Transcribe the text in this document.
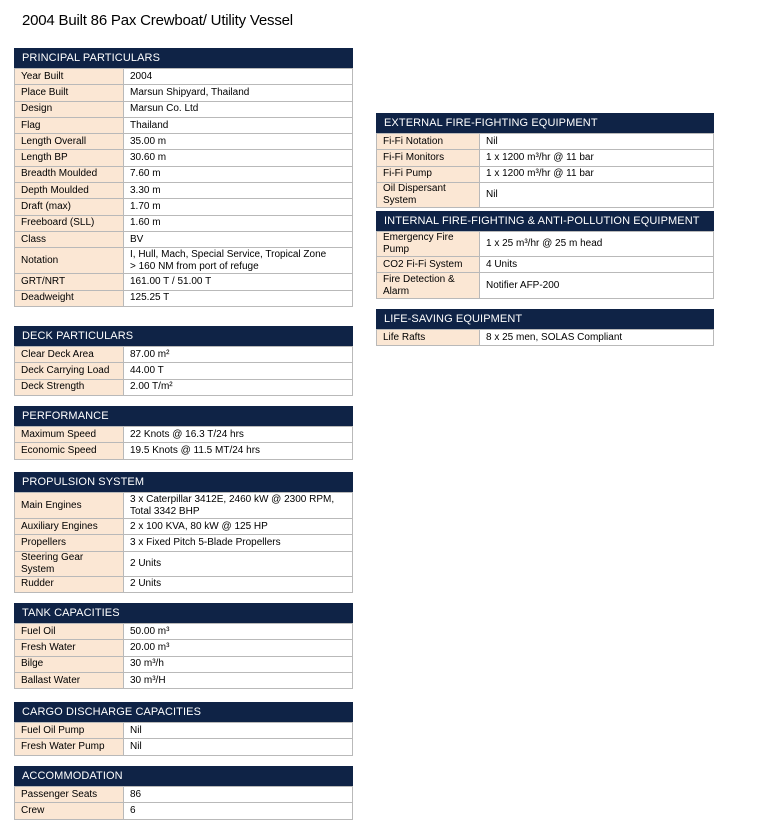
2004 Built 86 Pax Crewboat/ Utility Vessel
PRINCIPAL PARTICULARS
Year Built	2004
Place Built	Marsun Shipyard, Thailand
Design	Marsun Co. Ltd
Flag	Thailand
Length Overall	35.00 m
Length BP	30.60 m
Breadth Moulded	7.60 m
Depth Moulded	3.30 m
Draft (max)	1.70 m
Freeboard (SLL)	1.60 m
Class	BV
Notation	I, Hull, Mach, Special Service, Tropical Zone
> 160 NM from port of refuge
GRT/NRT	161.00 T / 51.00 T
Deadweight	125.25 T
DECK PARTICULARS
Clear Deck Area	87.00 m²
Deck Carrying Load	44.00 T
Deck Strength	2.00 T/m²
PERFORMANCE
Maximum Speed	22 Knots @ 16.3 T/24 hrs
Economic Speed	19.5 Knots @ 11.5 MT/24 hrs
PROPULSION SYSTEM
Main Engines	3 x Caterpillar 3412E, 2460 kW @ 2300 RPM,
Total 3342 BHP
Auxiliary Engines	2 x 100 KVA, 80 kW @ 125 HP
Propellers	3 x Fixed Pitch 5-Blade Propellers
Steering Gear System	2 Units
Rudder	2 Units
TANK CAPACITIES
Fuel Oil	50.00 m³
Fresh Water	20.00 m³
Bilge	30 m³/h
Ballast Water	30 m³/H
CARGO DISCHARGE CAPACITIES
Fuel Oil Pump	Nil
Fresh Water Pump	Nil
ACCOMMODATION
Passenger Seats	86
Crew	6
EXTERNAL FIRE-FIGHTING EQUIPMENT
Fi-Fi Notation	Nil
Fi-Fi Monitors	1 x 1200 m³/hr @ 11 bar
Fi-Fi Pump	1 x 1200 m³/hr @ 11 bar
Oil Dispersant System	Nil
INTERNAL FIRE-FIGHTING & ANTI-POLLUTION EQUIPMENT
Emergency Fire Pump	1 x 25 m³/hr @ 25 m head
CO2 Fi-Fi System	4 Units
Fire Detection &
Alarm	Notifier AFP-200
LIFE-SAVING EQUIPMENT
Life Rafts	8 x 25 men, SOLAS Compliant
